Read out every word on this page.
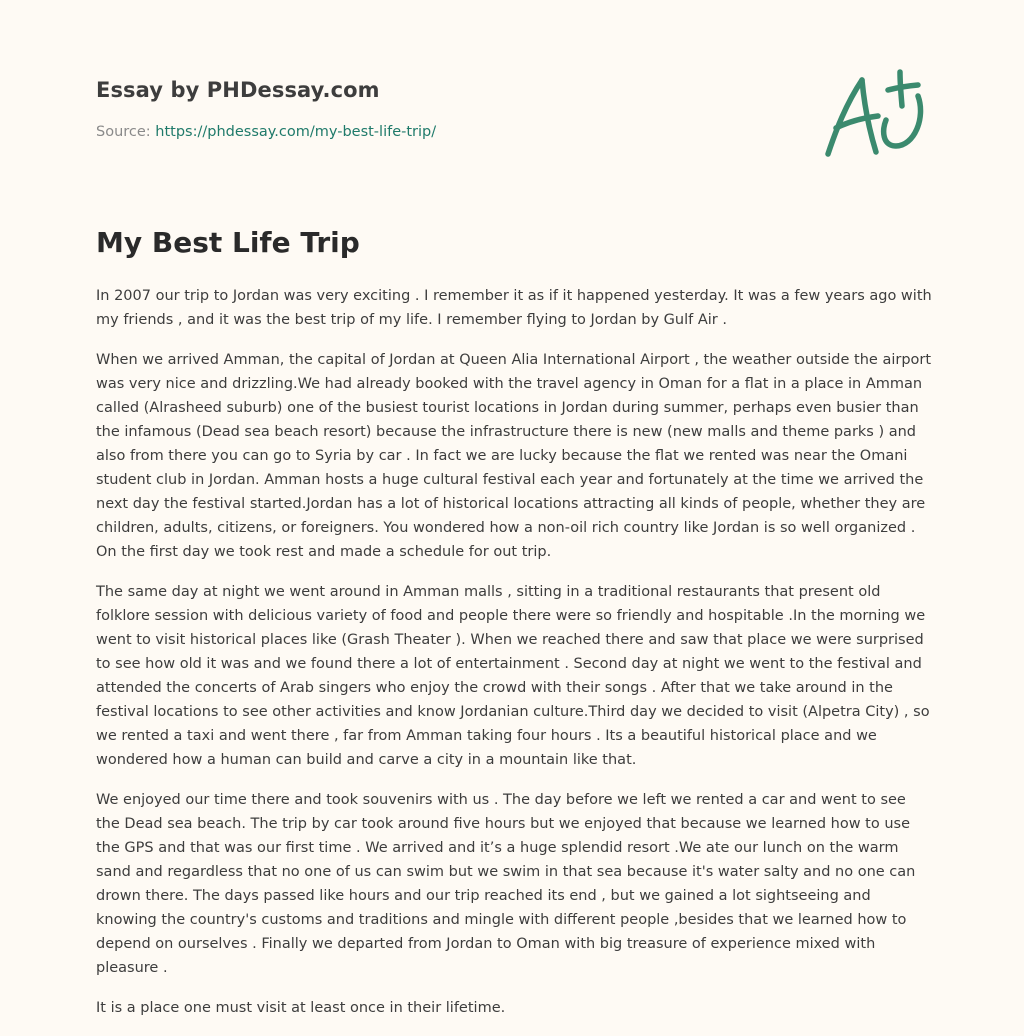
Essay by PHDessay.com
Source: https://phdessay.com/my-best-life-trip/
My Best Life Trip

In 2007 our trip to Jordan was very exciting . I remember it as if it happened yesterday. It was a few years ago with my friends , and it was the best trip of my life. I remember flying to Jordan by Gulf Air .

When we arrived Amman, the capital of Jordan at Queen Alia International Airport , the weather outside the airport was very nice and drizzling.We had already booked with the travel agency in Oman for a flat in a place in Amman called (Alrasheed suburb) one of the busiest tourist locations in Jordan during summer, perhaps even busier than the infamous (Dead sea beach resort) because the infrastructure there is new (new malls and theme parks ) and also from there you can go to Syria by car . In fact we are lucky because the flat we rented was near the Omani student club in Jordan. Amman hosts a huge cultural festival each year and fortunately at the time we arrived the next day the festival started.Jordan has a lot of historical locations attracting all kinds of people, whether they are children, adults, citizens, or foreigners. You wondered how a non-oil rich country like Jordan is so well organized . On the first day we took rest and made a schedule for out trip.

The same day at night we went around in Amman malls , sitting in a traditional restaurants that present old folklore session with delicious variety of food and people there were so friendly and hospitable .In the morning we went to visit historical places like (Grash Theater ). When we reached there and saw that place we were surprised to see how old it was and we found there a lot of entertainment . Second day at night we went to the festival and attended the concerts of Arab singers who enjoy the crowd with their songs . After that we take around in the festival locations to see other activities and know Jordanian culture.Third day we decided to visit (Alpetra City) , so we rented a taxi and went there , far from Amman taking four hours . Its a beautiful historical place and we wondered how a human can build and carve a city in a mountain like that.

We enjoyed our time there and took souvenirs with us . The day before we left we rented a car and went to see the Dead sea beach. The trip by car took around five hours but we enjoyed that because we learned how to use the GPS and that was our first time . We arrived and it’s a huge splendid resort .We ate our lunch on the warm sand and regardless that no one of us can swim but we swim in that sea because it's water salty and no one can drown there. The days passed like hours and our trip reached its end , but we gained a lot sightseeing and knowing the country's customs and traditions and mingle with different people ,besides that we learned how to depend on ourselves . Finally we departed from Jordan to Oman with big treasure of experience mixed with pleasure .

It is a place one must visit at least once in their lifetime.
